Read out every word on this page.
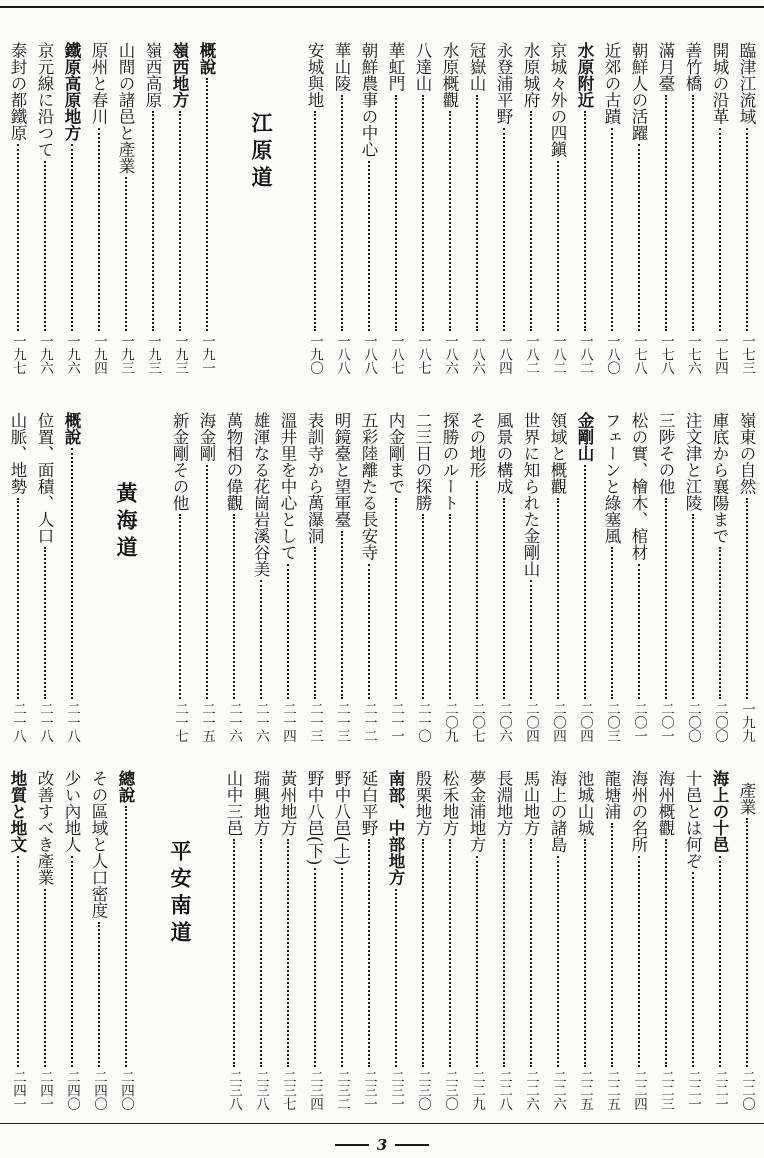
臨津江流域
一七三
開城の沿革
一七四
善竹橋
一七六
滿月臺
一七八
朝鮮人の活躍
一七八
近郊の古蹟
一八〇
水原附近
一八二
京城々外の四鎭
一八二
水原城府
一八二
永登浦平野
一八四
冠嶽山
一八六
水原概觀
一八六
八達山
一八七
華虹門
一八七
朝鮮農事の中心
一八八
華山陵
一八八
安城與地
一九〇
江原道
概說
一九一
嶺西地方
一九三
嶺西高原
一九三
山間の諸邑と產業
一九三
原州と春川
一九四
鐵原高原地方
一九六
京元線に沿つて
一九六
泰封の都鐵原
一九七
嶺東の自然
一九九
庫底から襄陽まで
二〇〇
注文津と江陵
二〇〇
三陟その他
二〇一
松の實、檜木、棺材
二〇一
フェーンと綠塞風
二〇三
金剛山
二〇四
領域と概觀
二〇四
世界に知られた金剛山
二〇四
風景の構成
二〇六
その地形
二〇七
探勝のルート
二〇九
二三日の探勝
二一〇
内金剛まで
二一一
五彩陸離たる長安寺
二一二
明鏡臺と望軍臺
二一三
表訓寺から萬瀑洞
二一三
溫井里を中心として
二一四
雄渾なる花崗岩溪谷美
二一六
萬物相の偉觀
二一六
海金剛
二一五
新金剛その他
二一七
黃海道
概說
二一八
位置、面積、人口
二一八
山脈、地勢
二一八
產業
二二〇
海上の十邑
二二一
十邑とは何ぞ
二二一
海州概觀
二二三
海州の名所
二二四
龍塘浦
二二五
池城山城
二二五
海上の諸島
二二六
馬山地方
二二六
長淵地方
二二八
夢金浦地方
二二九
松禾地方
二三〇
殷栗地方
二三〇
南部、中部地方
二三一
延白平野
二三一
野中八邑(上)
二三二
野中八邑(下)
二三四
黃州地方
二三七
瑞興地方
二三八
山中三邑
二三八
平安南道
總說
二四〇
その區域と人口密度
二四〇
少い內地人
二四〇
改善すべき產業
二四一
地質と地文
二四一
3
